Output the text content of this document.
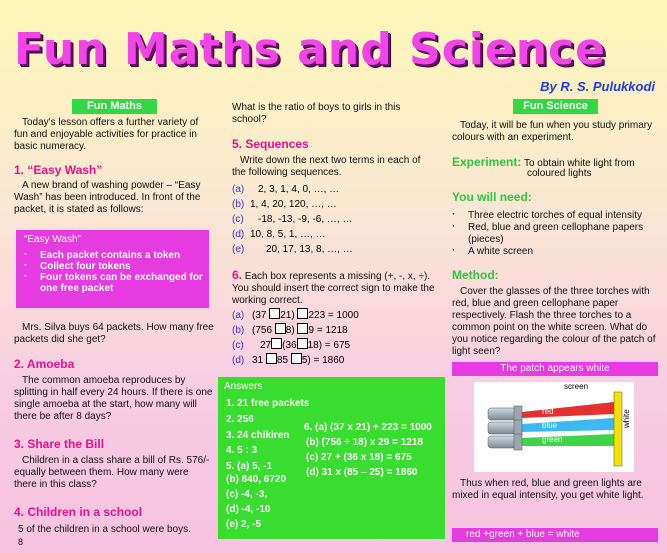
Fun Maths and Science
By R. S. Pulukkodi
Fun Maths

Today's lesson offers a further variety of fun and enjoyable activities for practice in basic numeracy.

1. “Easy Wash”

A new brand of washing powder – “Easy Wash” has been introduced. In front of the packet, it is stated as follows:

“Easy Wash”
· Each packet contains a token
· Collect four tokens
· Four tokens can be exchanged for one free packet

Mrs. Silva buys 64 packets. How many free packets did she get?

2. Amoeba

The common amoeba reproduces by splitting in half every 24 hours. If there is one single amoeba at the start, how many will there be after 8 days?

3. Share the Bill

Children in a class share a bill of Rs. 576/- equally between them. How many were there in this class?

4. Children in a school
5 of the children in a school were boys.
8
What is the ratio of boys to girls in this school?
5. Sequences

Write down the next two terms in each of the following sequences.

(a) 2, 3, 1, 4, 0, …, …
(b) 1, 4, 20, 120, …, …
(c) -18, -13, -9, -6, …, …
(d) 10, 8, 5, 1, …, …
(e) 20, 17, 13, 8, …, …

6. Each box represents a missing (+, -, x, ÷). You should insert the correct sign to make the working correct.

(a) (37 21) 223 = 1000
(b) (756 8) 9 = 1218
(c) 27 (36 18) = 675
(d) 31 85 5) = 1860
Answers
1. 21 free packets
2. 256
3. 24 chikiren
4. 5 : 3
5. (a) 5, -1
(b) 840, 6720
(c) -4, -3,
(d) -4, -10
(e) 2, -5
6. (a) (37 x 21) + 223 = 1000
(b) (756 ÷ 18) x 29 = 1218
(c) 27 + (36 x 18) = 675
(d) 31 x (85 – 25) = 1860
Fun Science

Today, it will be fun when you study primary colours with an experiment.

Experiment: To obtain white light from
coloured lights
You will need:
· Three electric torches of equal intensity
· Red, blue and green cellophane papers (pieces)
· A white screen
Method:

Cover the glasses of the three torches with red, blue and green cellophane paper respectively. Flash the three torches to a common point on the white screen. What do you notice regarding the colour of the patch of light seen?

The patch appears white
screen
white
red
blue
green

Thus when red, blue and green lights are mixed in equal intensity, you get white light.

red +green + blue = white
